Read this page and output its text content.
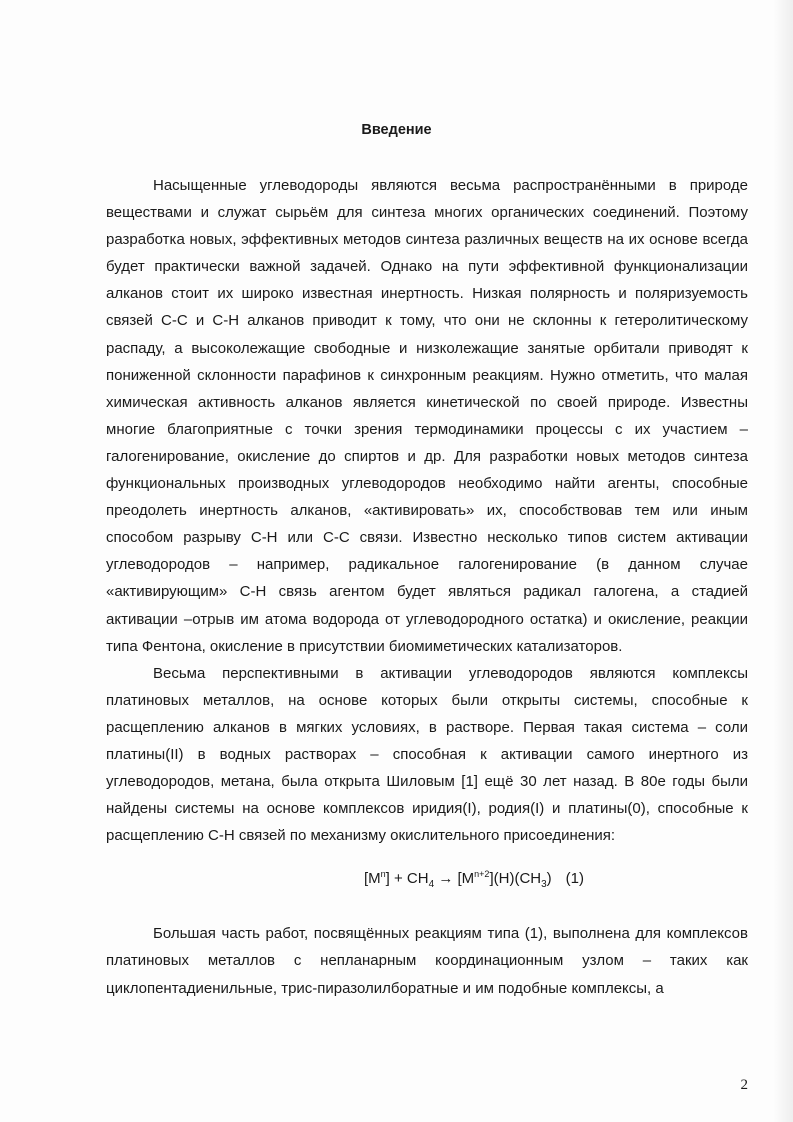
Введение

Насыщенные углеводороды являются весьма распространёнными в природе веществами и служат сырьём для синтеза многих органических соединений. Поэтому разработка новых, эффективных методов синтеза различных веществ на их основе всегда будет практически важной задачей. Однако на пути эффективной функционализации алканов стоит их широко известная инертность. Низкая полярность и поляризуемость связей С-С и С-Н алканов приводит к тому, что они не склонны к гетеролитическому распаду, а высоколежащие свободные и низколежащие занятые орбитали приводят к пониженной склонности парафинов к синхронным реакциям. Нужно отметить, что малая химическая активность алканов является кинетической по своей природе. Известны многие благоприятные с точки зрения термодинамики процессы с их участием – галогенирование, окисление до спиртов и др. Для разработки новых методов синтеза функциональных производных углеводородов необходимо найти агенты, способные преодолеть инертность алканов, «активировать» их, способствовав тем или иным способом разрыву С-Н или С-С связи. Известно несколько типов систем активации углеводородов – например, радикальное галогенирование (в данном случае «активирующим» С-Н связь агентом будет являться радикал галогена, а стадией активации –отрыв им атома водорода от углеводородного остатка) и окисление, реакции типа Фентона, окисление в присутствии биомиметических катализаторов.

Весьма перспективными в активации углеводородов являются комплексы платиновых металлов, на основе которых были открыты системы, способные к расщеплению алканов в мягких условиях, в растворе. Первая такая система – соли платины(II) в водных растворах – способная к активации самого инертного из углеводородов, метана, была открыта Шиловым [1] ещё 30 лет назад. В 80е годы были найдены системы на основе комплексов иридия(I), родия(I) и платины(0), способные к расщеплению С-Н связей по механизму окислительного присоединения:

$[M^n] + CH_4 \to [M^{n+2}](H)(CH_3)$ (1)

Большая часть работ, посвящённых реакциям типа (1), выполнена для комплексов платиновых металлов с непланарным координационным узлом – таких как циклопентадиенильные, трис-пиразолилборатные и им подобные комплексы, а

2
